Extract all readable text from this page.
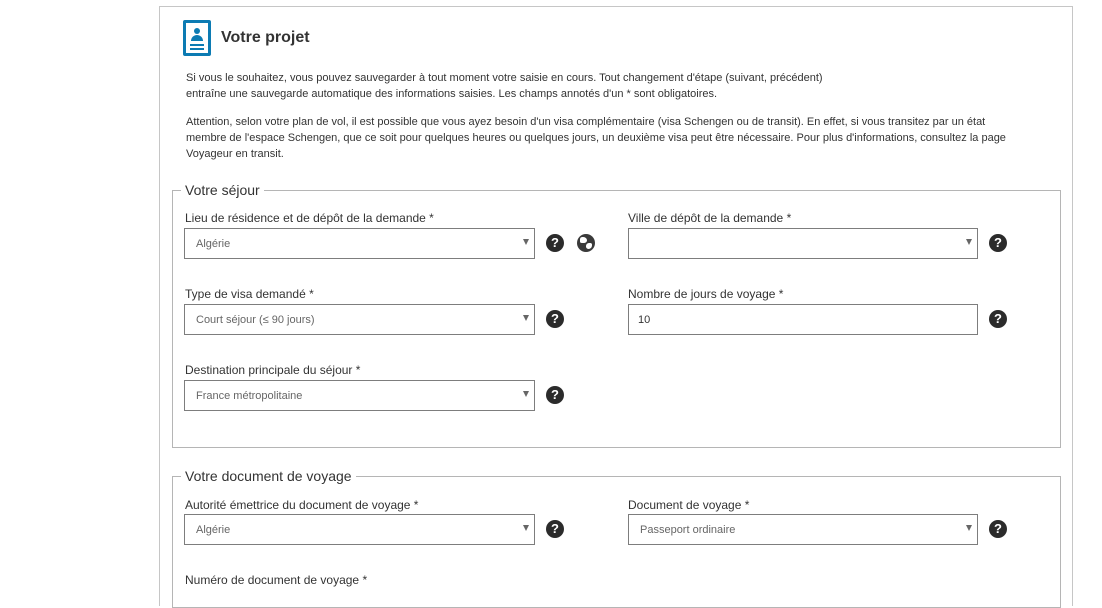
Votre projet
Si vous le souhaitez, vous pouvez sauvegarder à tout moment votre saisie en cours. Tout changement d'étape (suivant, précédent)
entraîne une sauvegarde automatique des informations saisies. Les champs annotés d'un * sont obligatoires.
Attention, selon votre plan de vol, il est possible que vous ayez besoin d'un visa complémentaire (visa Schengen ou de transit). En effet, si vous transitez par un état
membre de l'espace Schengen, que ce soit pour quelques heures ou quelques jours, un deuxième visa peut être nécessaire. Pour plus d'informations, consultez la page
Voyageur en transit.
Votre séjour
Lieu de résidence et de dépôt de la demande *
Algérie	?
Ville de dépôt de la demande *
?
Type de visa demandé *
Court séjour (≤ 90 jours)	?
Nombre de jours de voyage *
10	?
Destination principale du séjour *
France métropolitaine	?
Votre document de voyage
Autorité émettrice du document de voyage *
Algérie	?
Document de voyage *
Passeport ordinaire	?
Numéro de document de voyage *
